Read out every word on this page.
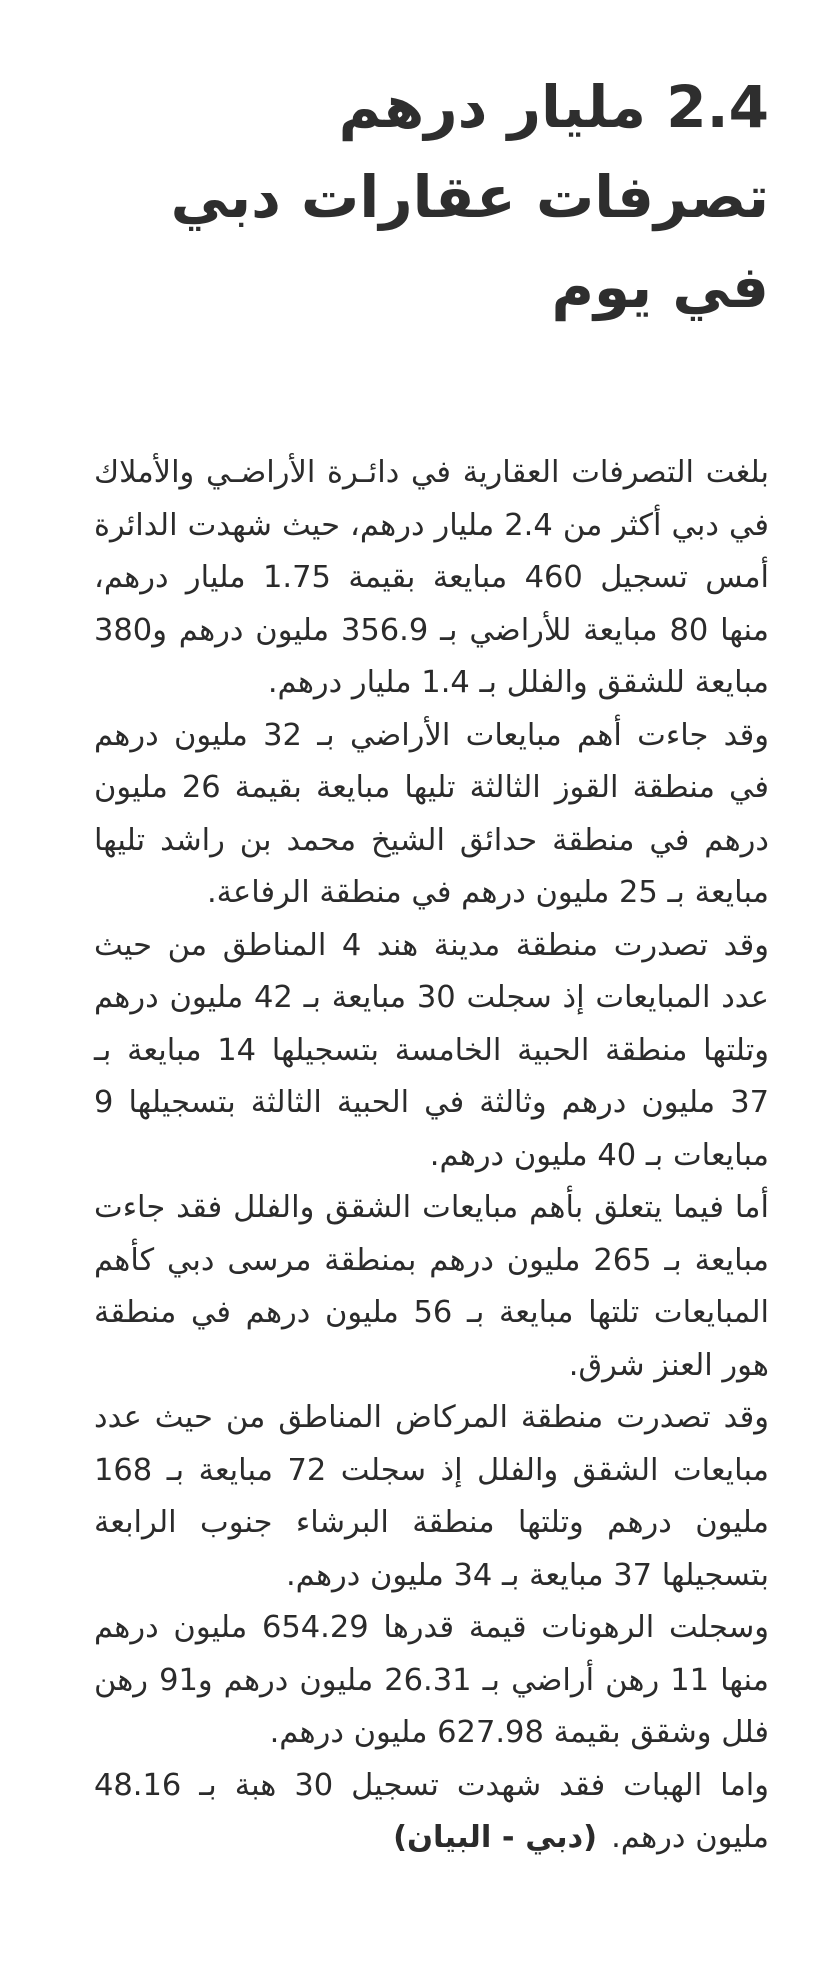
2.4 مليار درهم تصرفات عقارات دبي في يوم

بلغت التصرفات العقارية في دائـرة الأراضـي والأملاك في دبي أكثر من 2.4 مليار درهم، حيث شهدت الدائرة أمس تسجيل 460 مبايعة بقيمة 1.75 مليار درهم، منها 80 مبايعة للأراضي بـ 356.9 مليون درهم و380 مبايعة للشقق والفلل بـ 1.4 مليار درهم.

وقد جاءت أهم مبايعات الأراضي بـ 32 مليون درهم في منطقة القوز الثالثة تليها مبايعة بقيمة 26 مليون درهم في منطقة حدائق الشيخ محمد بن راشد تليها مبايعة بـ 25 مليون درهم في منطقة الرفاعة.

وقد تصدرت منطقة مدينة هند 4 المناطق من حيث عدد المبايعات إذ سجلت 30 مبايعة بـ 42 مليون درهم وتلتها منطقة الحبية الخامسة بتسجيلها 14 مبايعة بـ 37 مليون درهم وثالثة في الحبية الثالثة بتسجيلها 9 مبايعات بـ 40 مليون درهم.

أما فيما يتعلق بأهم مبايعات الشقق والفلل فقد جاءت مبايعة بـ 265 مليون درهم بمنطقة مرسى دبي كأهم المبايعات تلتها مبايعة بـ 56 مليون درهم في منطقة هور العنز شرق.

وقد تصدرت منطقة المركاض المناطق من حيث عدد مبايعات الشقق والفلل إذ سجلت 72 مبايعة بـ 168 مليون درهم وتلتها منطقة البرشاء جنوب الرابعة بتسجيلها 37 مبايعة بـ 34 مليون درهم.

وسجلت الرهونات قيمة قدرها 654.29 مليون درهم منها 11 رهن أراضي بـ 26.31 مليون درهم و91 رهن فلل وشقق بقيمة 627.98 مليون درهم.

واما الهبات فقد شهدت تسجيل 30 هبة بـ 48.16 مليون درهم.(دبي - البيان)
